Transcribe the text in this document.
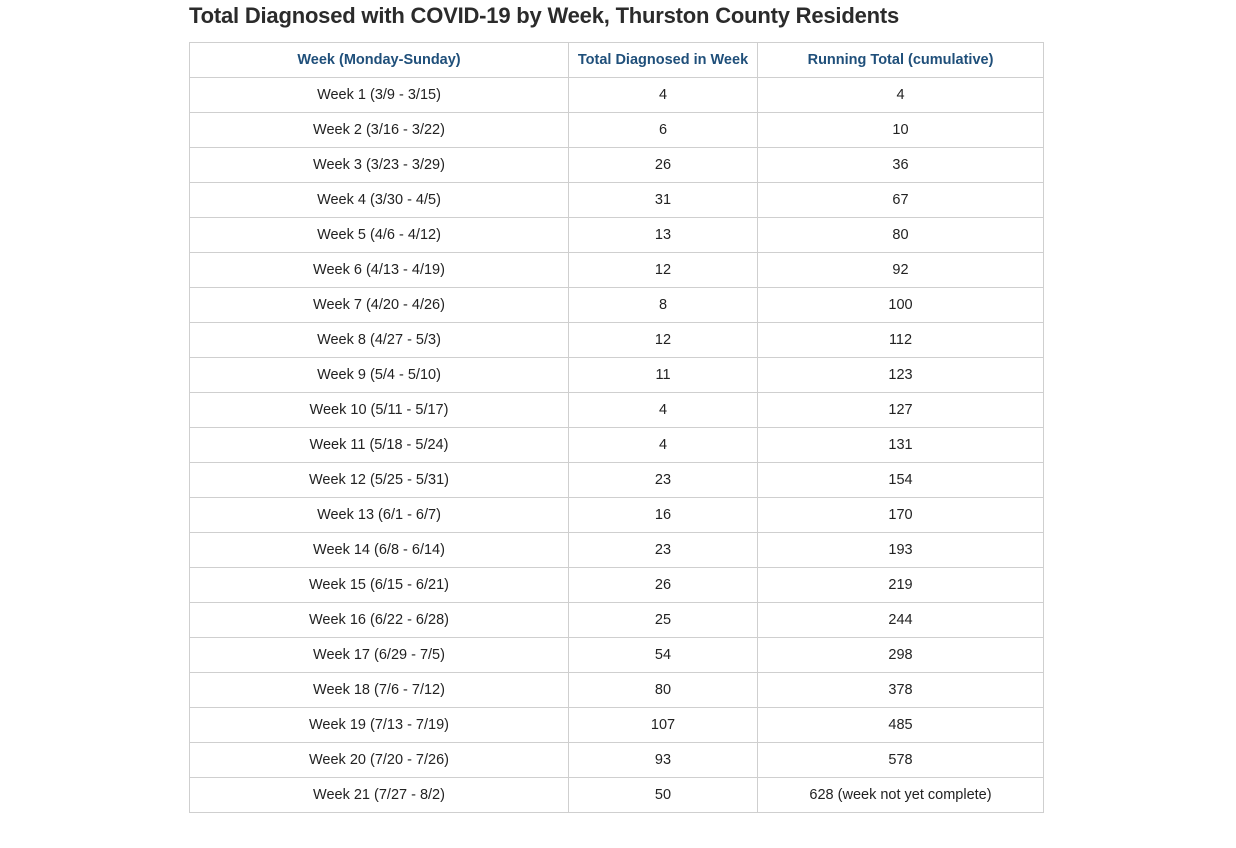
Total Diagnosed with COVID-19 by Week, Thurston County Residents
Week (Monday-Sunday)	Total Diagnosed in Week	Running Total (cumulative)
Week 1 (3/9 - 3/15)	4	4
Week 2 (3/16 - 3/22)	6	10
Week 3 (3/23 - 3/29)	26	36
Week 4 (3/30 - 4/5)	31	67
Week 5 (4/6 - 4/12)	13	80
Week 6 (4/13 - 4/19)	12	92
Week 7 (4/20 - 4/26)	8	100
Week 8 (4/27 - 5/3)	12	112
Week 9 (5/4 - 5/10)	11	123
Week 10 (5/11 - 5/17)	4	127
Week 11 (5/18 - 5/24)	4	131
Week 12 (5/25 - 5/31)	23	154
Week 13 (6/1 - 6/7)	16	170
Week 14 (6/8 - 6/14)	23	193
Week 15 (6/15 - 6/21)	26	219
Week 16 (6/22 - 6/28)	25	244
Week 17 (6/29 - 7/5)	54	298
Week 18 (7/6 - 7/12)	80	378
Week 19 (7/13 - 7/19)	107	485
Week 20 (7/20 - 7/26)	93	578
Week 21 (7/27 - 8/2)	50	628 (week not yet complete)
